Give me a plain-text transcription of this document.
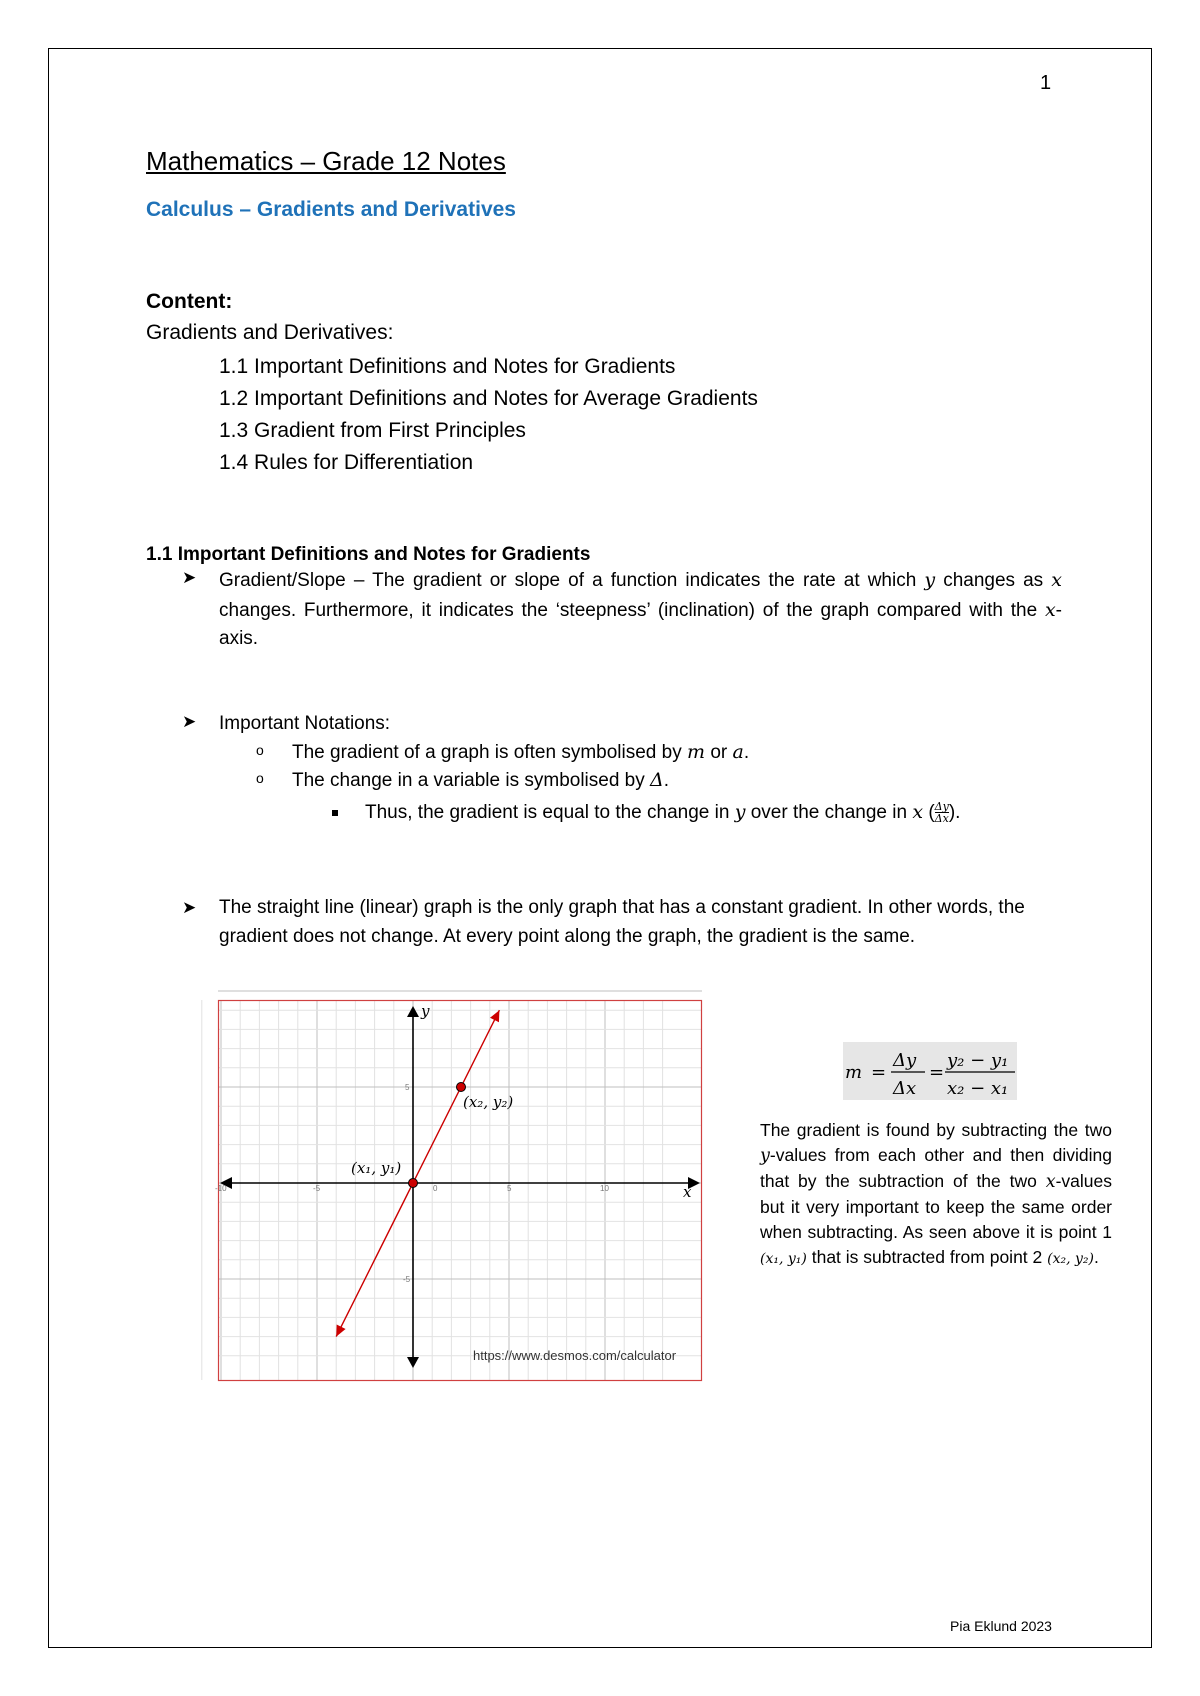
1
Mathematics – Grade 12 Notes
Calculus – Gradients and Derivatives
Content:
Gradients and Derivatives:
1.1 Important Definitions and Notes for Gradients
1.2 Important Definitions and Notes for Average Gradients
1.3 Gradient from First Principles
1.4 Rules for Differentiation
1.1 Important Definitions and Notes for Gradients
➤ Gradient/Slope – The gradient or slope of a function indicates the rate at which y changes as x changes. Furthermore, it indicates the ‘steepness’ (inclination) of the graph compared with the x-axis.
➤ Important Notations:
o The gradient of a graph is often symbolised by m or a.
o The change in a variable is symbolised by Δ.
Thus, the gradient is equal to the change in y over the change in x ( $\frac{\Delta y}{\Delta x}$ ).
➤ The straight line (linear) graph is the only graph that has a constant gradient. In other words, the gradient does not change. At every point along the graph, the gradient is the same.
-10	-5	0	5	10
5
-5
x
y
(x₁, y₁)
(x₂, y₂)
https://www.desmos.com/calculator
m =
Δy
Δx
=
y₂ − y₁
x₂ − x₁
The gradient is found by subtracting the two y-values from each other and then dividing that by the subtraction of the two x-values but it very important to keep the same order when subtracting. As seen above it is point 1 (x₁, y₁) that is subtracted from point 2 (x₂, y₂).
Pia Eklund 2023
